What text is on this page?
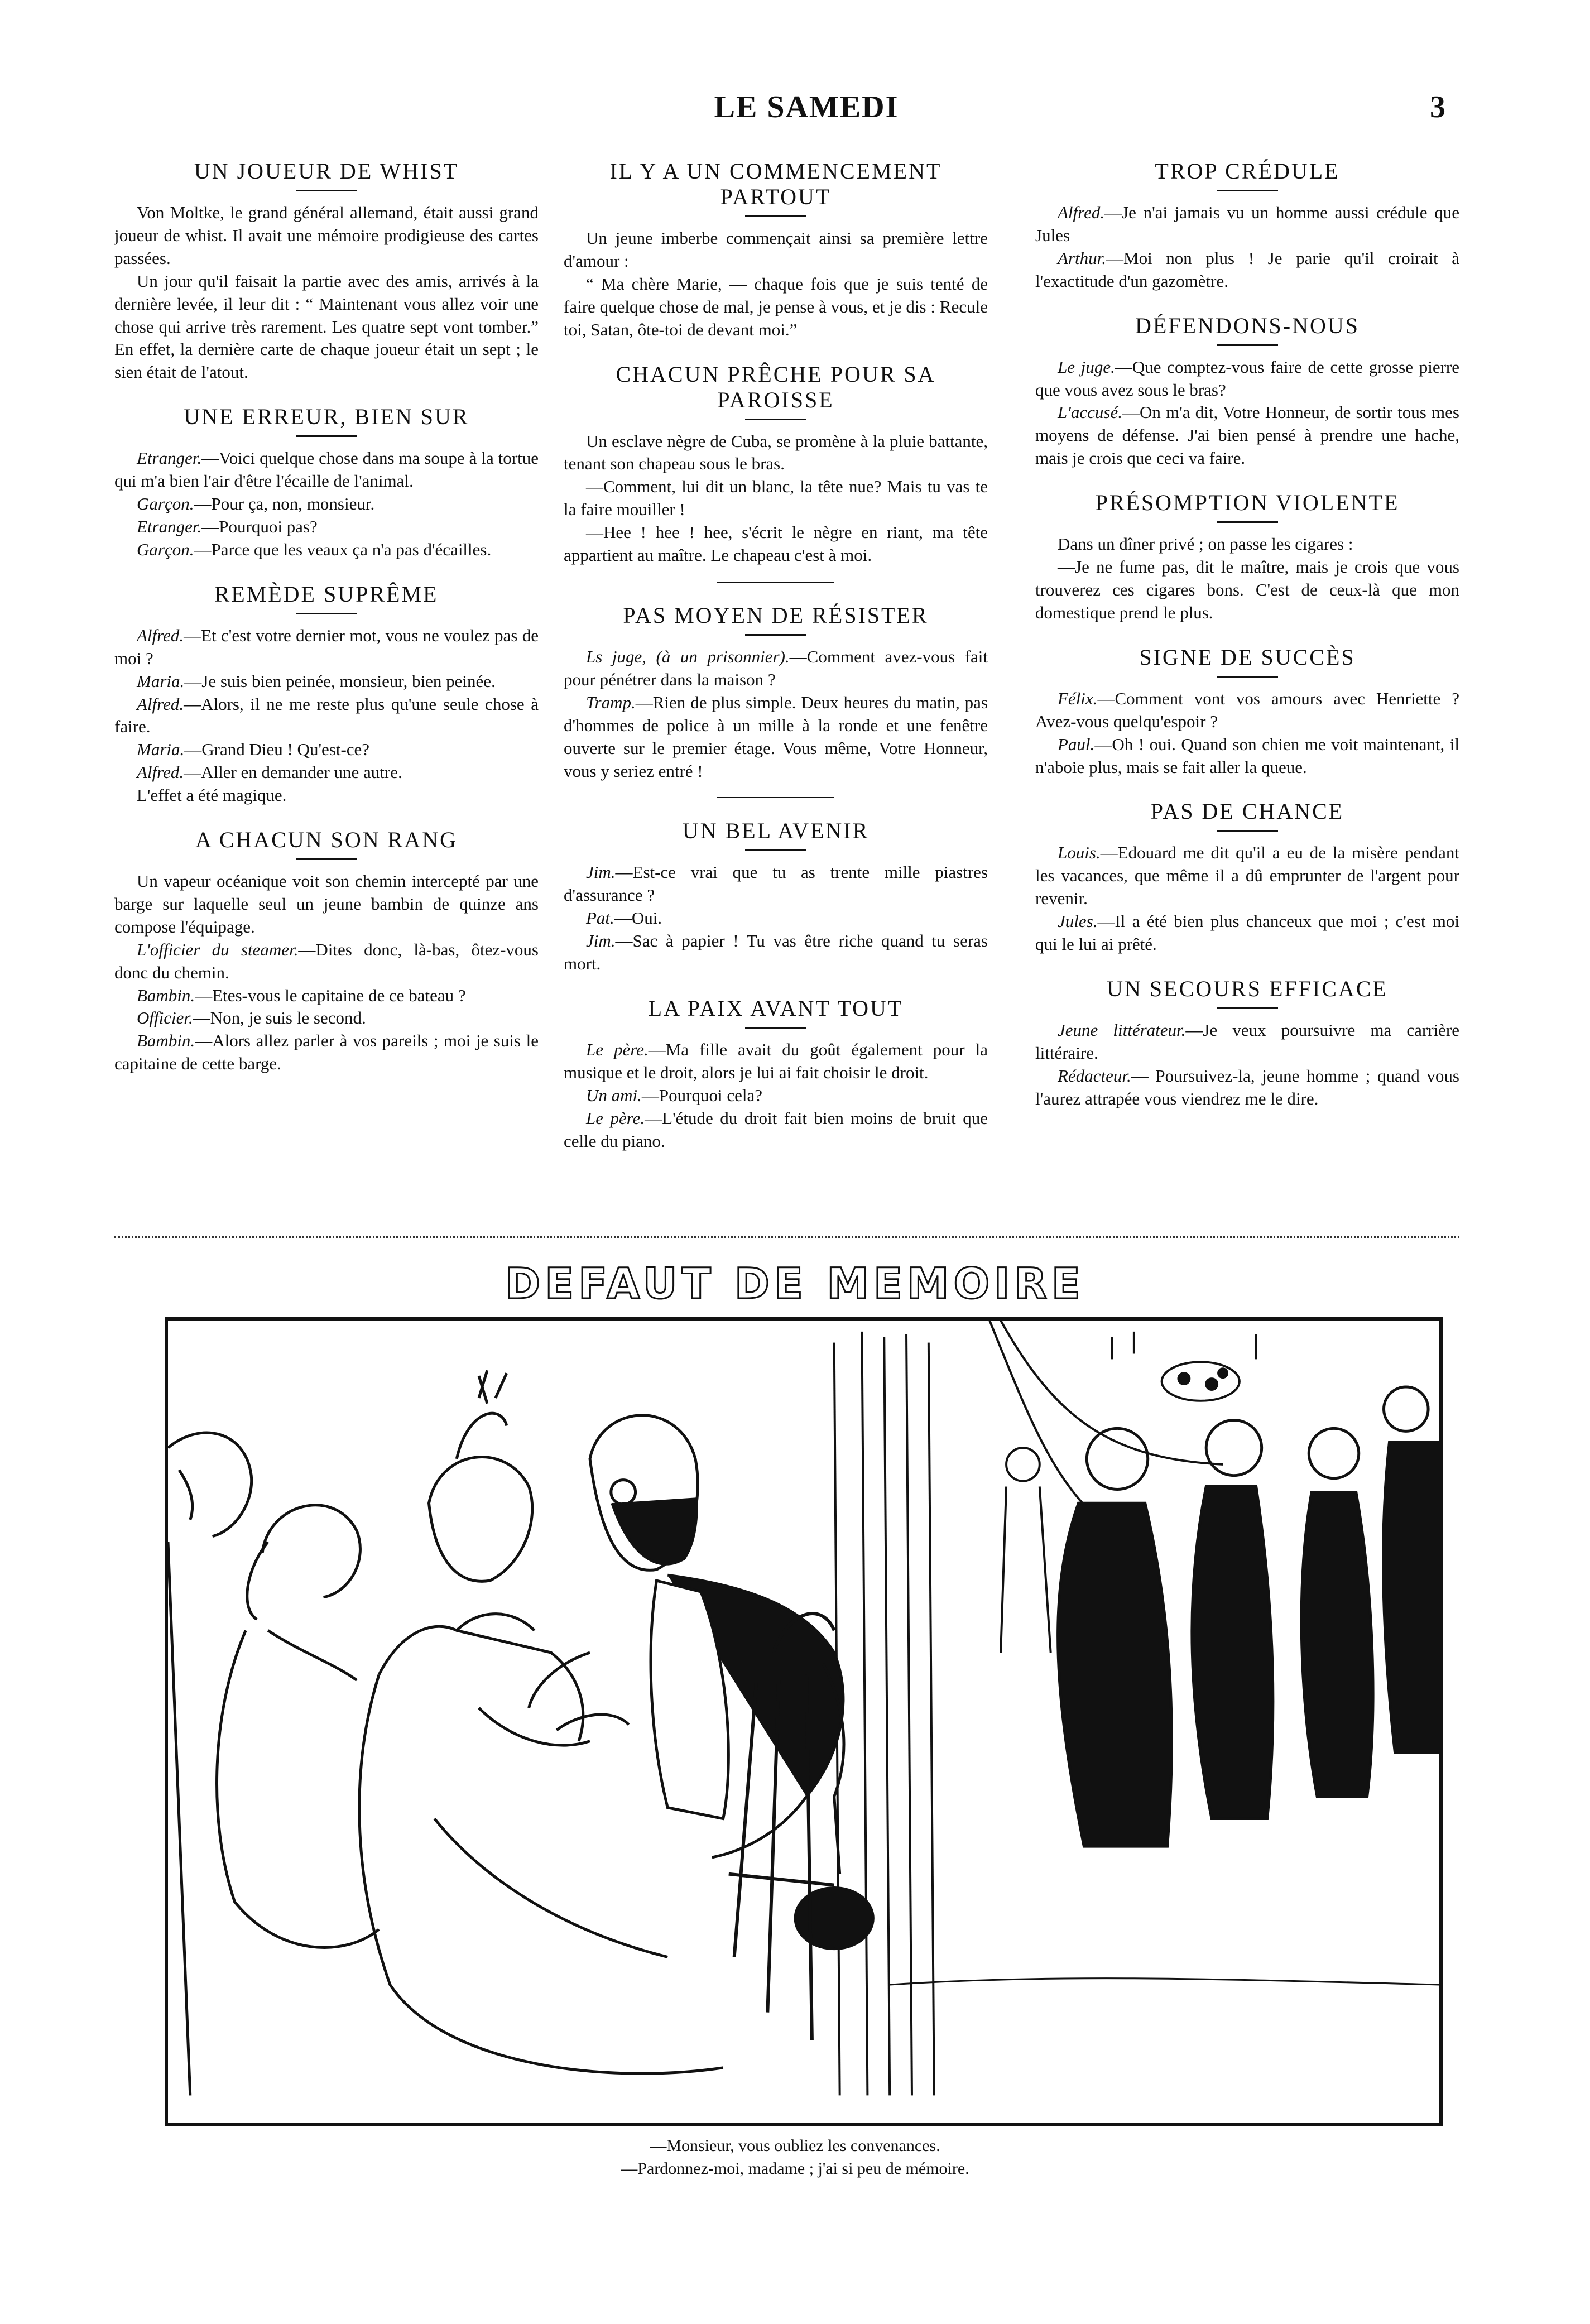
LE SAMEDI	3
UN JOUEUR DE WHIST

Von Moltke, le grand général allemand, était aussi grand joueur de whist. Il avait une mémoire prodigieuse des cartes passées.

Un jour qu'il faisait la partie avec des amis, arrivés à la dernière levée, il leur dit : “ Maintenant vous allez voir une chose qui arrive très rarement. Les quatre sept vont tomber.” En effet, la dernière carte de chaque joueur était un sept ; le sien était de l'atout.

UNE ERREUR, BIEN SUR

Etranger.—Voici quelque chose dans ma soupe à la tortue qui m'a bien l'air d'être l'écaille de l'animal.

Garçon.—Pour ça, non, monsieur.

Etranger.—Pourquoi pas?

Garçon.—Parce que les veaux ça n'a pas d'écailles.

REMÈDE SUPRÊME

Alfred.—Et c'est votre dernier mot, vous ne voulez pas de moi ?

Maria.—Je suis bien peinée, monsieur, bien peinée.

Alfred.—Alors, il ne me reste plus qu'une seule chose à faire.

Maria.—Grand Dieu ! Qu'est-ce?

Alfred.—Aller en demander une autre.

L'effet a été magique.

A CHACUN SON RANG

Un vapeur océanique voit son chemin intercepté par une barge sur laquelle seul un jeune bambin de quinze ans compose l'équipage.

L'officier du steamer.—Dites donc, là-bas, ôtez-vous donc du chemin.

Bambin.—Etes-vous le capitaine de ce bateau ?

Officier.—Non, je suis le second.

Bambin.—Alors allez parler à vos pareils ; moi je suis le capitaine de cette barge.

IL Y A UN COMMENCEMENT PARTOUT

Un jeune imberbe commençait ainsi sa première lettre d'amour :

“ Ma chère Marie, — chaque fois que je suis tenté de faire quelque chose de mal, je pense à vous, et je dis : Recule toi, Satan, ôte-toi de devant moi.”

CHACUN PRÊCHE POUR SA PAROISSE

Un esclave nègre de Cuba, se promène à la pluie battante, tenant son chapeau sous le bras.

—Comment, lui dit un blanc, la tête nue? Mais tu vas te la faire mouiller !

—Hee ! hee ! hee, s'écrit le nègre en riant, ma tête appartient au maître. Le chapeau c'est à moi.

PAS MOYEN DE RÉSISTER

Ls juge, (à un prisonnier).—Comment avez-vous fait pour pénétrer dans la maison ?

Tramp.—Rien de plus simple. Deux heures du matin, pas d'hommes de police à un mille à la ronde et une fenêtre ouverte sur le premier étage. Vous même, Votre Honneur, vous y seriez entré !

UN BEL AVENIR

Jim.—Est-ce vrai que tu as trente mille piastres d'assurance ?

Pat.—Oui.

Jim.—Sac à papier ! Tu vas être riche quand tu seras mort.

LA PAIX AVANT TOUT

Le père.—Ma fille avait du goût également pour la musique et le droit, alors je lui ai fait choisir le droit.

Un ami.—Pourquoi cela?

Le père.—L'étude du droit fait bien moins de bruit que celle du piano.

TROP CRÉDULE

Alfred.—Je n'ai jamais vu un homme aussi crédule que Jules

Arthur.—Moi non plus ! Je parie qu'il croirait à l'exactitude d'un gazomètre.

DÉFENDONS-NOUS

Le juge.—Que comptez-vous faire de cette grosse pierre que vous avez sous le bras?

L'accusé.—On m'a dit, Votre Honneur, de sortir tous mes moyens de défense. J'ai bien pensé à prendre une hache, mais je crois que ceci va faire.

PRÉSOMPTION VIOLENTE

Dans un dîner privé ; on passe les cigares :

—Je ne fume pas, dit le maître, mais je crois que vous trouverez ces cigares bons. C'est de ceux-là que mon domestique prend le plus.

SIGNE DE SUCCÈS

Félix.—Comment vont vos amours avec Henriette ? Avez-vous quelqu'espoir ?

Paul.—Oh ! oui. Quand son chien me voit maintenant, il n'aboie plus, mais se fait aller la queue.

PAS DE CHANCE

Louis.—Edouard me dit qu'il a eu de la misère pendant les vacances, que même il a dû emprunter de l'argent pour revenir.

Jules.—Il a été bien plus chanceux que moi ; c'est moi qui le lui ai prêté.

UN SECOURS EFFICACE

Jeune littérateur.—Je veux poursuivre ma carrière littéraire.

Rédacteur.— Poursuivez-la, jeune homme ; quand vous l'aurez attrapée vous viendrez me le dire.

DEFAUT DE MEMOIRE
—Monsieur, vous oubliez les convenances.
—Pardonnez-moi, madame ; j'ai si peu de mémoire.
